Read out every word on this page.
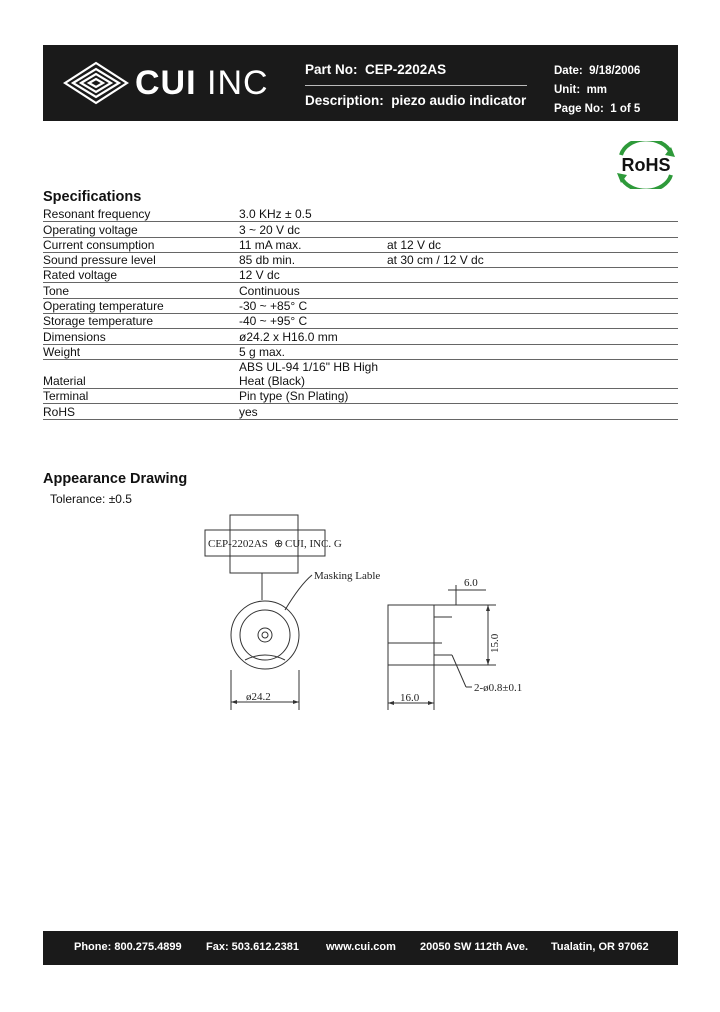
CUI INC	Part No: CEP-2202AS
Description: piezo audio indicator
Date: 9/18/2006
Unit: mm
Page No: 1 of 5
RoHS
Specifications
Resonant frequency	3.0 KHz ± 0.5	
Operating voltage	3 ~ 20 V dc	
Current consumption	11 mA max.	at 12 V dc
Sound pressure level	85 db min.	at 30 cm / 12 V dc
Rated voltage	12 V dc	
Tone	Continuous	
Operating temperature	-30 ~ +85° C	
Storage temperature	-40 ~ +95° C	
Dimensions	ø24.2 x H16.0 mm	
Weight	5 g max.	
Material	ABS UL-94 1/16" HB High Heat (Black)	
Terminal	Pin type (Sn Plating)	
RoHS	yes	
Appearance Drawing
Tolerance: ±0.5
CEP-2202AS ⊕ CUI, INC. G
Masking Lable
ø24.2	16.0
6.0
2-ø0.8±0.1
15.0
Phone: 800.275.4899 Fax: 503.612.2381 www.cui.com 20050 SW 112th Ave. Tualatin, OR 97062
